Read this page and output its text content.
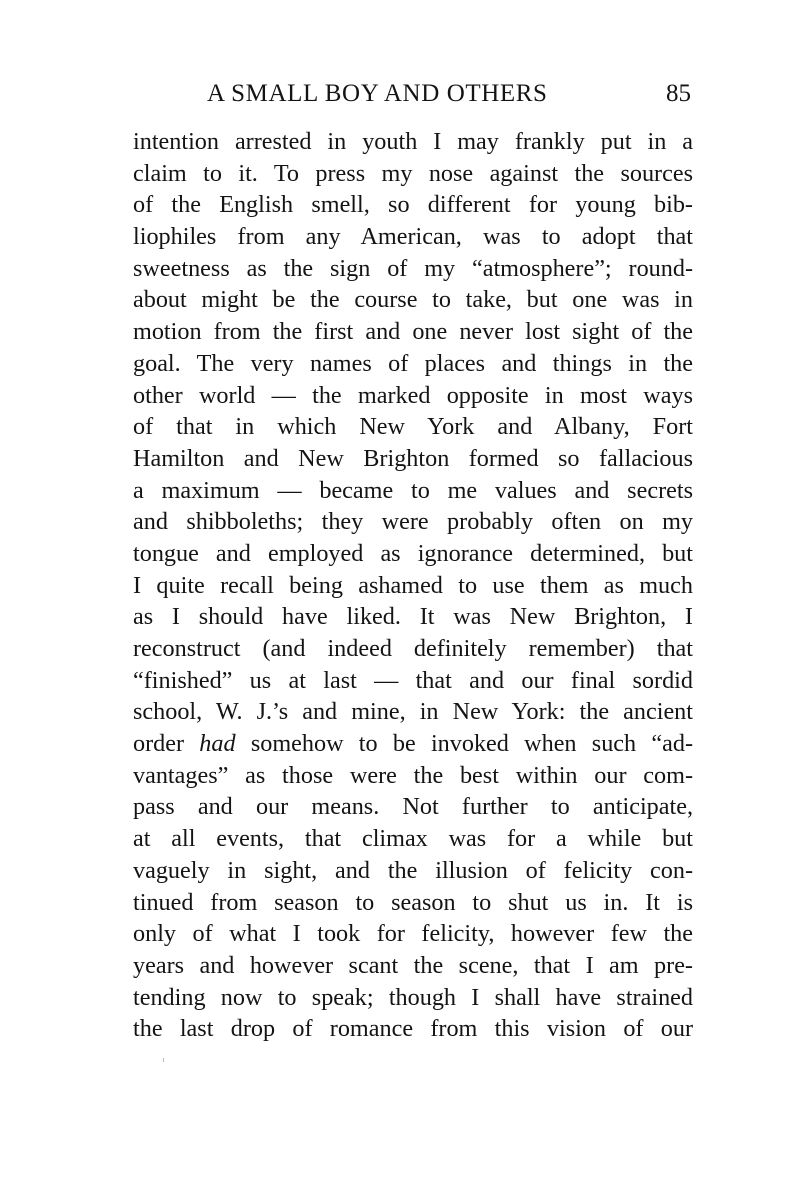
A SMALL BOY AND OTHERS	85
intention arrested in youth I may frankly put in a
claim to it. To press my nose against the sources
of the English smell, so different for young bib-
liophiles from any American, was to adopt that
sweetness as the sign of my “atmosphere”; round-
about might be the course to take, but one was in
motion from the first and one never lost sight of the
goal. The very names of places and things in the
other world — the marked opposite in most ways
of that in which New York and Albany, Fort
Hamilton and New Brighton formed so fallacious
a maximum — became to me values and secrets
and shibboleths; they were probably often on my
tongue and employed as ignorance determined, but
I quite recall being ashamed to use them as much
as I should have liked. It was New Brighton, I
reconstruct (and indeed definitely remember) that
“finished” us at last — that and our final sordid
school, W. J.’s and mine, in New York: the ancient
order had somehow to be invoked when such “ad-
vantages” as those were the best within our com-
pass and our means. Not further to anticipate,
at all events, that climax was for a while but
vaguely in sight, and the illusion of felicity con-
tinued from season to season to shut us in. It is
only of what I took for felicity, however few the
years and however scant the scene, that I am pre-
tending now to speak; though I shall have strained
the last drop of romance from this vision of our
